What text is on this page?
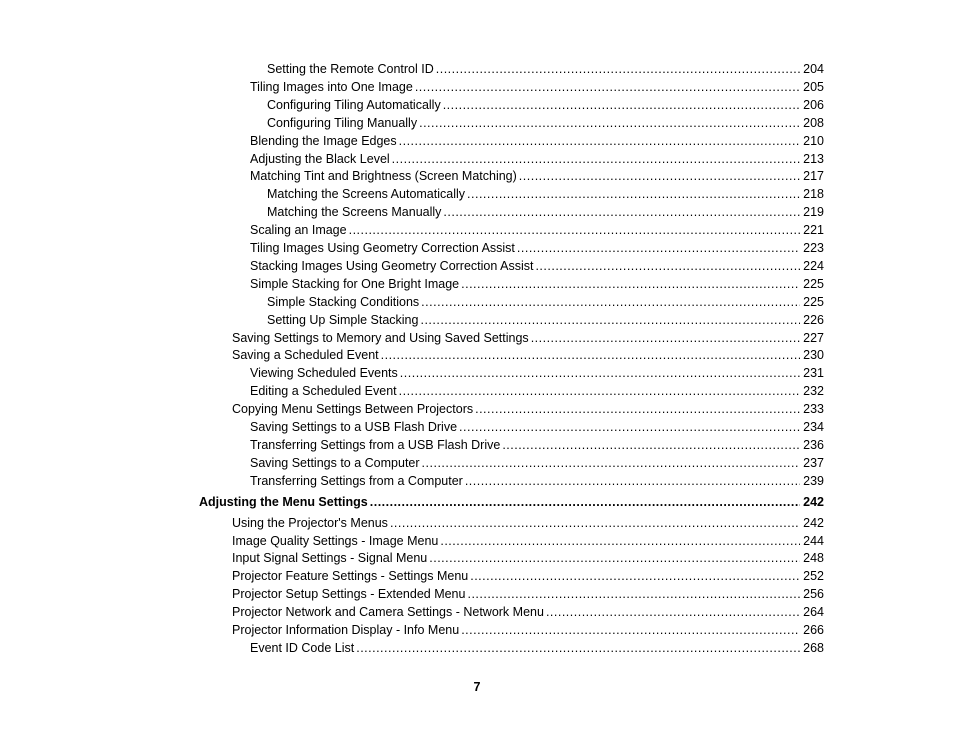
Setting the Remote Control ID .....	204
Tiling Images into One Image .....	205
Configuring Tiling Automatically .....	206
Configuring Tiling Manually .....	208
Blending the Image Edges .....	210
Adjusting the Black Level .....	213
Matching Tint and Brightness (Screen Matching) .....	217
Matching the Screens Automatically .....	218
Matching the Screens Manually .....	219
Scaling an Image .....	221
Tiling Images Using Geometry Correction Assist .....	223
Stacking Images Using Geometry Correction Assist .....	224
Simple Stacking for One Bright Image .....	225
Simple Stacking Conditions .....	225
Setting Up Simple Stacking .....	226
Saving Settings to Memory and Using Saved Settings .....	227
Saving a Scheduled Event .....	230
Viewing Scheduled Events .....	231
Editing a Scheduled Event .....	232
Copying Menu Settings Between Projectors .....	233
Saving Settings to a USB Flash Drive .....	234
Transferring Settings from a USB Flash Drive .....	236
Saving Settings to a Computer .....	237
Transferring Settings from a Computer .....	239
Adjusting the Menu Settings .....	242
Using the Projector's Menus .....	242
Image Quality Settings - Image Menu .....	244
Input Signal Settings - Signal Menu .....	248
Projector Feature Settings - Settings Menu .....	252
Projector Setup Settings - Extended Menu .....	256
Projector Network and Camera Settings - Network Menu .....	264
Projector Information Display - Info Menu .....	266
Event ID Code List .....	268
7
